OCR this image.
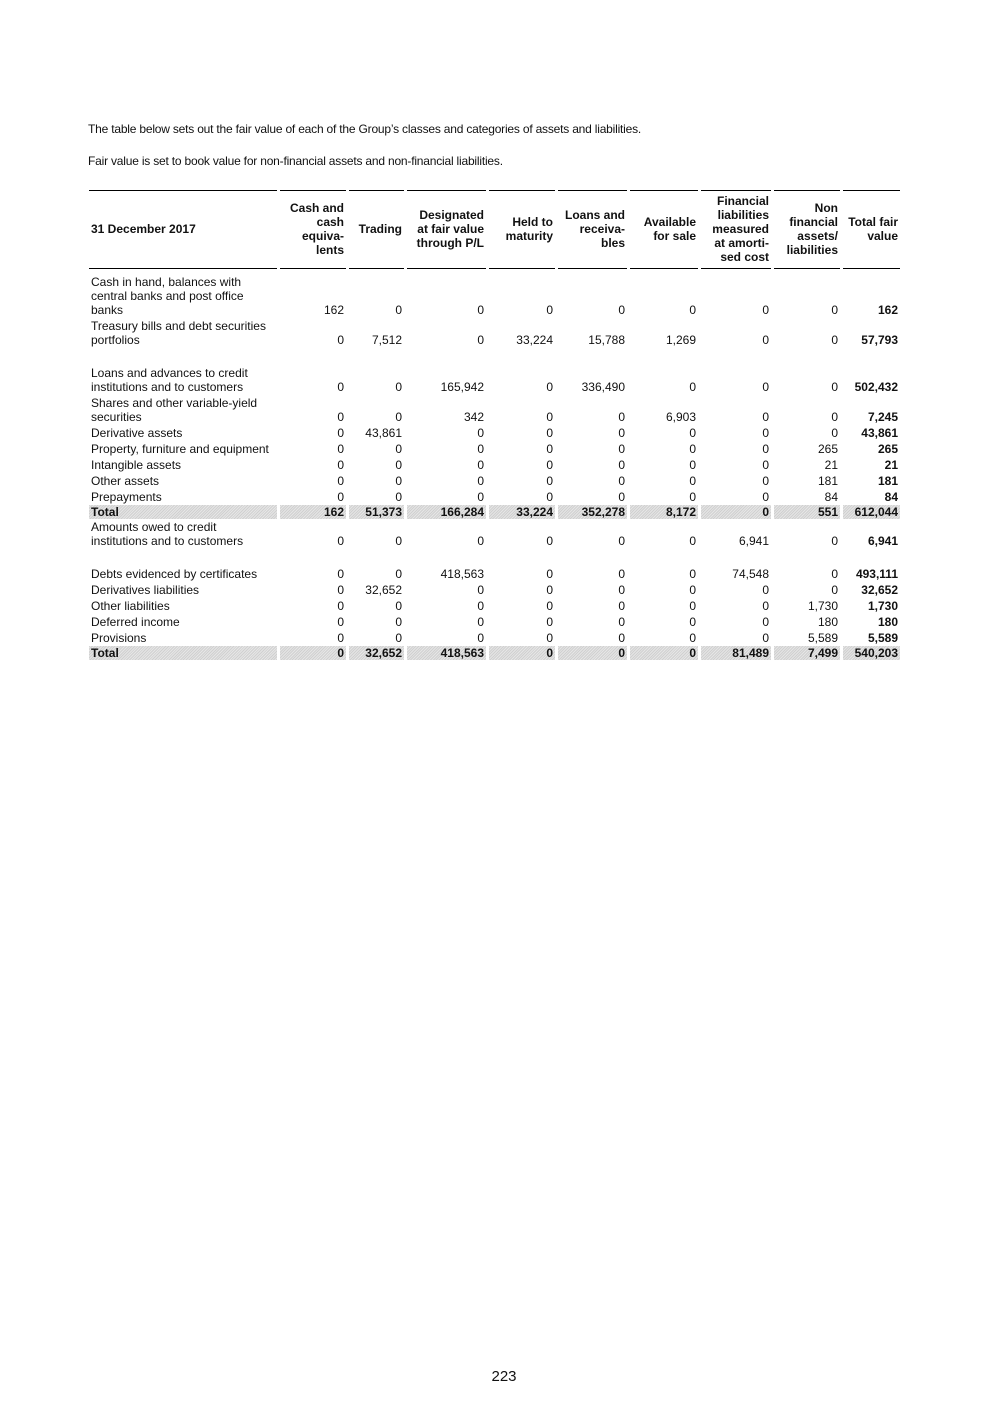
The table below sets out the fair value of each of the Group’s classes and categories of assets and liabilities.
Fair value is set to book value for non-financial assets and non-financial liabilities.
31 December 2017	Cash and cash equiva-lents	Trading	Designated at fair value through P/L	Held to maturity	Loans and receiva-bles	Available for sale	Financial liabilities measured at amorti-sed cost	Non financial assets/ liabilities	Total fair value
Cash in hand, balances with central banks and post office banks	162	0	0	0	0	0	0	0	162
Treasury bills and debt securities portfolios	0	7,512	0	33,224	15,788	1,269	0	0	57,793
Loans and advances to credit institutions and to customers	0	0	165,942	0	336,490	0	0	0	502,432
Shares and other variable-yield securities	0	0	342	0	0	6,903	0	0	7,245
Derivative assets	0	43,861	0	0	0	0	0	0	43,861
Property, furniture and equipment	0	0	0	0	0	0	0	265	265
Intangible assets	0	0	0	0	0	0	0	21	21
Other assets	0	0	0	0	0	0	0	181	181
Prepayments	0	0	0	0	0	0	0	84	84
Total	162	51,373	166,284	33,224	352,278	8,172	0	551	612,044
Amounts owed to credit institutions and to customers	0	0	0	0	0	0	6,941	0	6,941
Debts evidenced by certificates	0	0	418,563	0	0	0	74,548	0	493,111
Derivatives liabilities	0	32,652	0	0	0	0	0	0	32,652
Other liabilities	0	0	0	0	0	0	0	1,730	1,730
Deferred income	0	0	0	0	0	0	0	180	180
Provisions	0	0	0	0	0	0	0	5,589	5,589
Total	0	32,652	418,563	0	0	0	81,489	7,499	540,203
223
